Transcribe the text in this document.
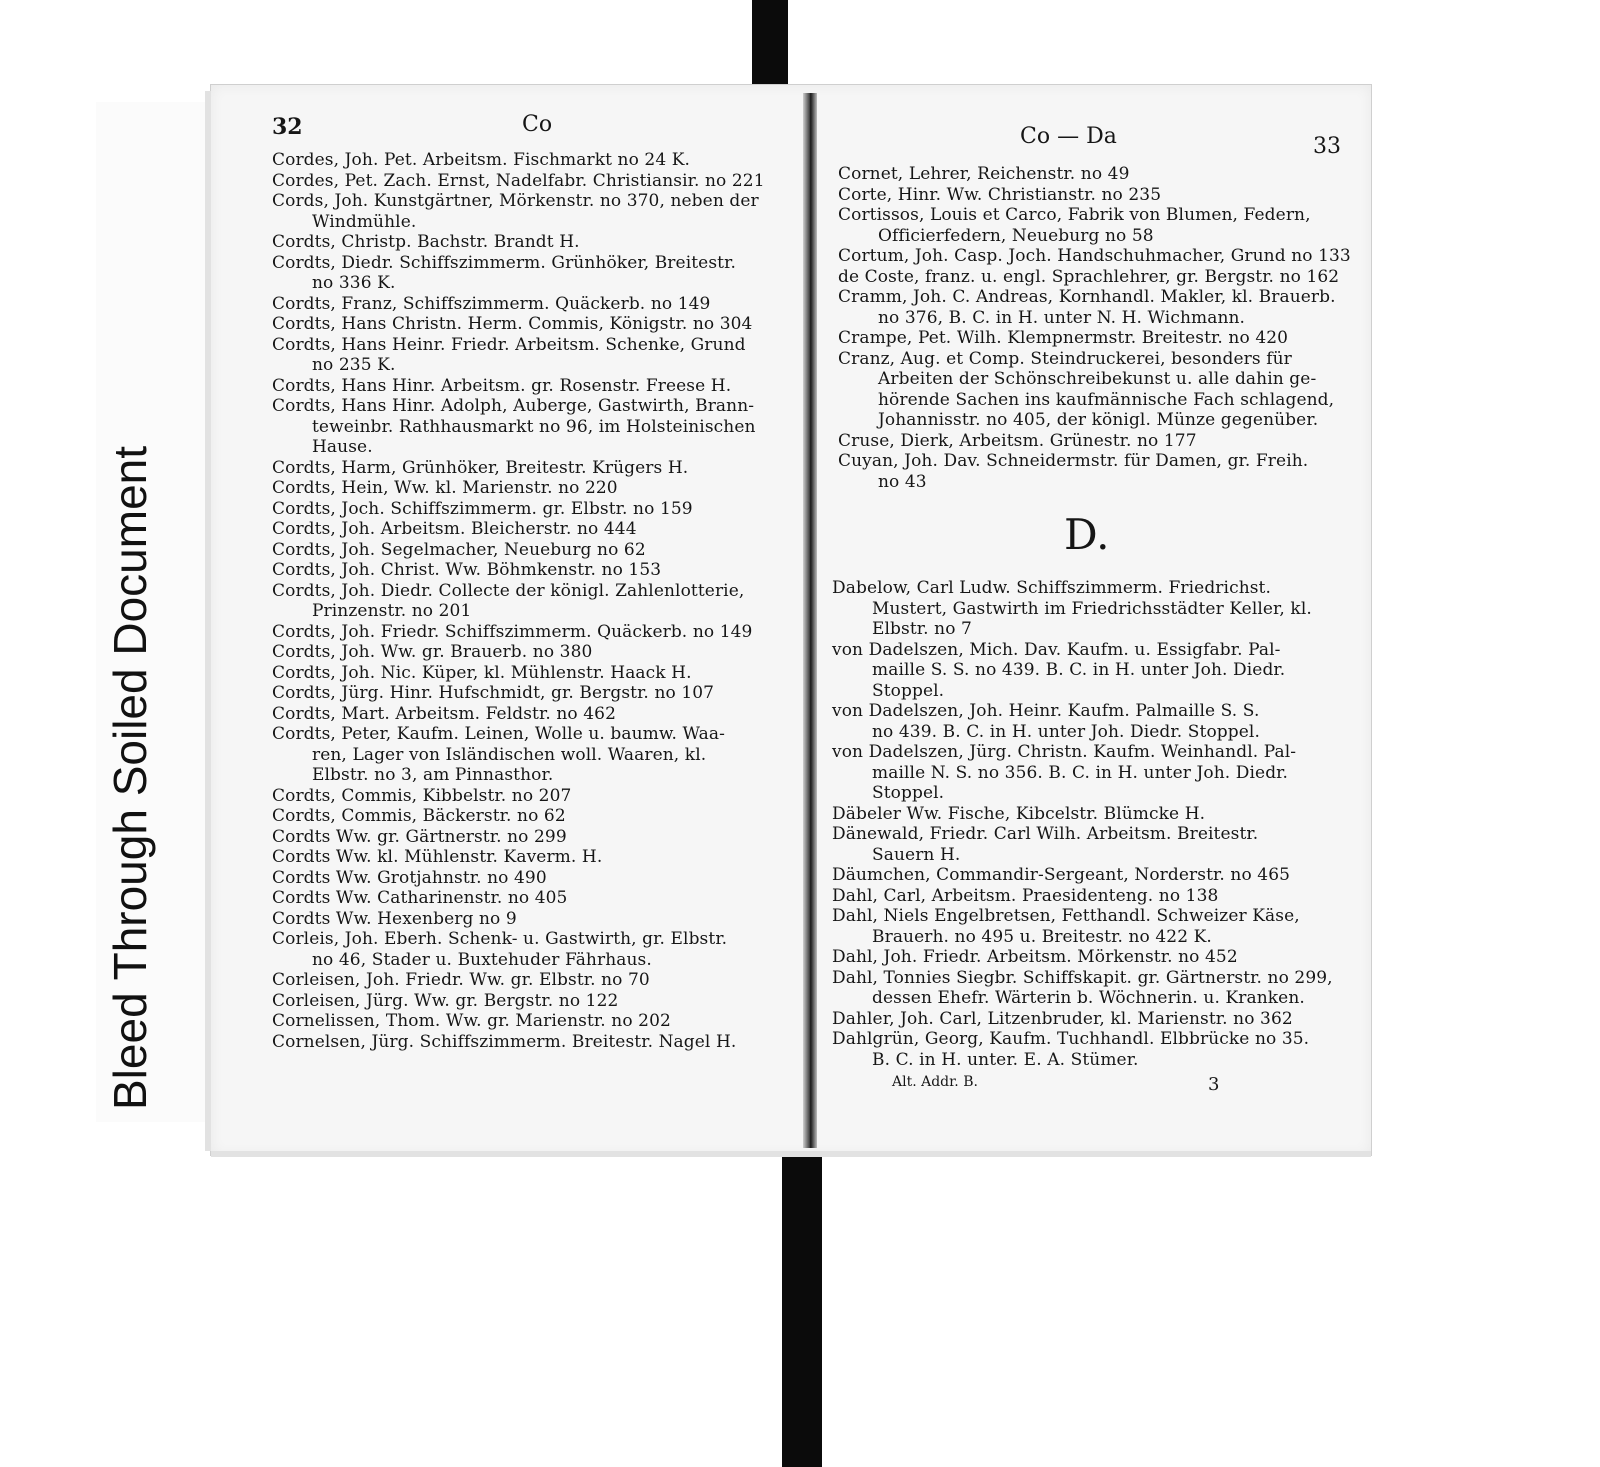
Bleed Through Soiled Document
32	Co
Cordes, Joh. Pet. Arbeitsm. Fischmarkt no 24 K.
Cordes, Pet. Zach. Ernst, Nadelfabr. Christiansir. no 221
Cords, Joh. Kunstgärtner, Mörkenstr. no 370, neben der
Windmühle.
Cordts, Christp. Bachstr. Brandt H.
Cordts, Diedr. Schiffszimmerm. Grünhöker, Breitestr.
no 336 K.
Cordts, Franz, Schiffszimmerm. Quäckerb. no 149
Cordts, Hans Christn. Herm. Commis, Königstr. no 304
Cordts, Hans Heinr. Friedr. Arbeitsm. Schenke, Grund
no 235 K.
Cordts, Hans Hinr. Arbeitsm. gr. Rosenstr. Freese H.
Cordts, Hans Hinr. Adolph, Auberge, Gastwirth, Brann-
teweinbr. Rathhausmarkt no 96, im Holsteinischen
Hause.
Cordts, Harm, Grünhöker, Breitestr. Krügers H.
Cordts, Hein, Ww. kl. Marienstr. no 220
Cordts, Joch. Schiffszimmerm. gr. Elbstr. no 159
Cordts, Joh. Arbeitsm. Bleicherstr. no 444
Cordts, Joh. Segelmacher, Neueburg no 62
Cordts, Joh. Christ. Ww. Böhmkenstr. no 153
Cordts, Joh. Diedr. Collecte der königl. Zahlenlotterie,
Prinzenstr. no 201
Cordts, Joh. Friedr. Schiffszimmerm. Quäckerb. no 149
Cordts, Joh. Ww. gr. Brauerb. no 380
Cordts, Joh. Nic. Küper, kl. Mühlenstr. Haack H.
Cordts, Jürg. Hinr. Hufschmidt, gr. Bergstr. no 107
Cordts, Mart. Arbeitsm. Feldstr. no 462
Cordts, Peter, Kaufm. Leinen, Wolle u. baumw. Waa-
ren, Lager von Isländischen woll. Waaren, kl.
Elbstr. no 3, am Pinnasthor.
Cordts, Commis, Kibbelstr. no 207
Cordts, Commis, Bäckerstr. no 62
Cordts Ww. gr. Gärtnerstr. no 299
Cordts Ww. kl. Mühlenstr. Kaverm. H.
Cordts Ww. Grotjahnstr. no 490
Cordts Ww. Catharinenstr. no 405
Cordts Ww. Hexenberg no 9
Corleis, Joh. Eberh. Schenk- u. Gastwirth, gr. Elbstr.
no 46, Stader u. Buxtehuder Fährhaus.
Corleisen, Joh. Friedr. Ww. gr. Elbstr. no 70
Corleisen, Jürg. Ww. gr. Bergstr. no 122
Cornelissen, Thom. Ww. gr. Marienstr. no 202
Cornelsen, Jürg. Schiffszimmerm. Breitestr. Nagel H.
Co — Da	33
Cornet, Lehrer, Reichenstr. no 49
Corte, Hinr. Ww. Christianstr. no 235
Cortissos, Louis et Carco, Fabrik von Blumen, Federn,
Officierfedern, Neueburg no 58
Cortum, Joh. Casp. Joch. Handschuhmacher, Grund no 133
de Coste, franz. u. engl. Sprachlehrer, gr. Bergstr. no 162
Cramm, Joh. C. Andreas, Kornhandl. Makler, kl. Brauerb.
no 376, B. C. in H. unter N. H. Wichmann.
Crampe, Pet. Wilh. Klempnermstr. Breitestr. no 420
Cranz, Aug. et Comp. Steindruckerei, besonders für
Arbeiten der Schönschreibekunst u. alle dahin ge-
hörende Sachen ins kaufmännische Fach schlagend,
Johannisstr. no 405, der königl. Münze gegenüber.
Cruse, Dierk, Arbeitsm. Grünestr. no 177
Cuyan, Joh. Dav. Schneidermstr. für Damen, gr. Freih.
no 43
D.
Dabelow, Carl Ludw. Schiffszimmerm. Friedrichst.
Mustert, Gastwirth im Friedrichsstädter Keller, kl.
Elbstr. no 7
von Dadelszen, Mich. Dav. Kaufm. u. Essigfabr. Pal-
maille S. S. no 439. B. C. in H. unter Joh. Diedr.
Stoppel.
von Dadelszen, Joh. Heinr. Kaufm. Palmaille S. S.
no 439. B. C. in H. unter Joh. Diedr. Stoppel.
von Dadelszen, Jürg. Christn. Kaufm. Weinhandl. Pal-
maille N. S. no 356. B. C. in H. unter Joh. Diedr.
Stoppel.
Däbeler Ww. Fische, Kibcelstr. Blümcke H.
Dänewald, Friedr. Carl Wilh. Arbeitsm. Breitestr.
Sauern H.
Däumchen, Commandir-Sergeant, Norderstr. no 465
Dahl, Carl, Arbeitsm. Praesidenteng. no 138
Dahl, Niels Engelbretsen, Fetthandl. Schweizer Käse,
Brauerh. no 495 u. Breitestr. no 422 K.
Dahl, Joh. Friedr. Arbeitsm. Mörkenstr. no 452
Dahl, Tonnies Siegbr. Schiffskapit. gr. Gärtnerstr. no 299,
dessen Ehefr. Wärterin b. Wöchnerin. u. Kranken.
Dahler, Joh. Carl, Litzenbruder, kl. Marienstr. no 362
Dahlgrün, Georg, Kaufm. Tuchhandl. Elbbrücke no 35.
B. C. in H. unter. E. A. Stümer.
Alt. Addr. B.	3
